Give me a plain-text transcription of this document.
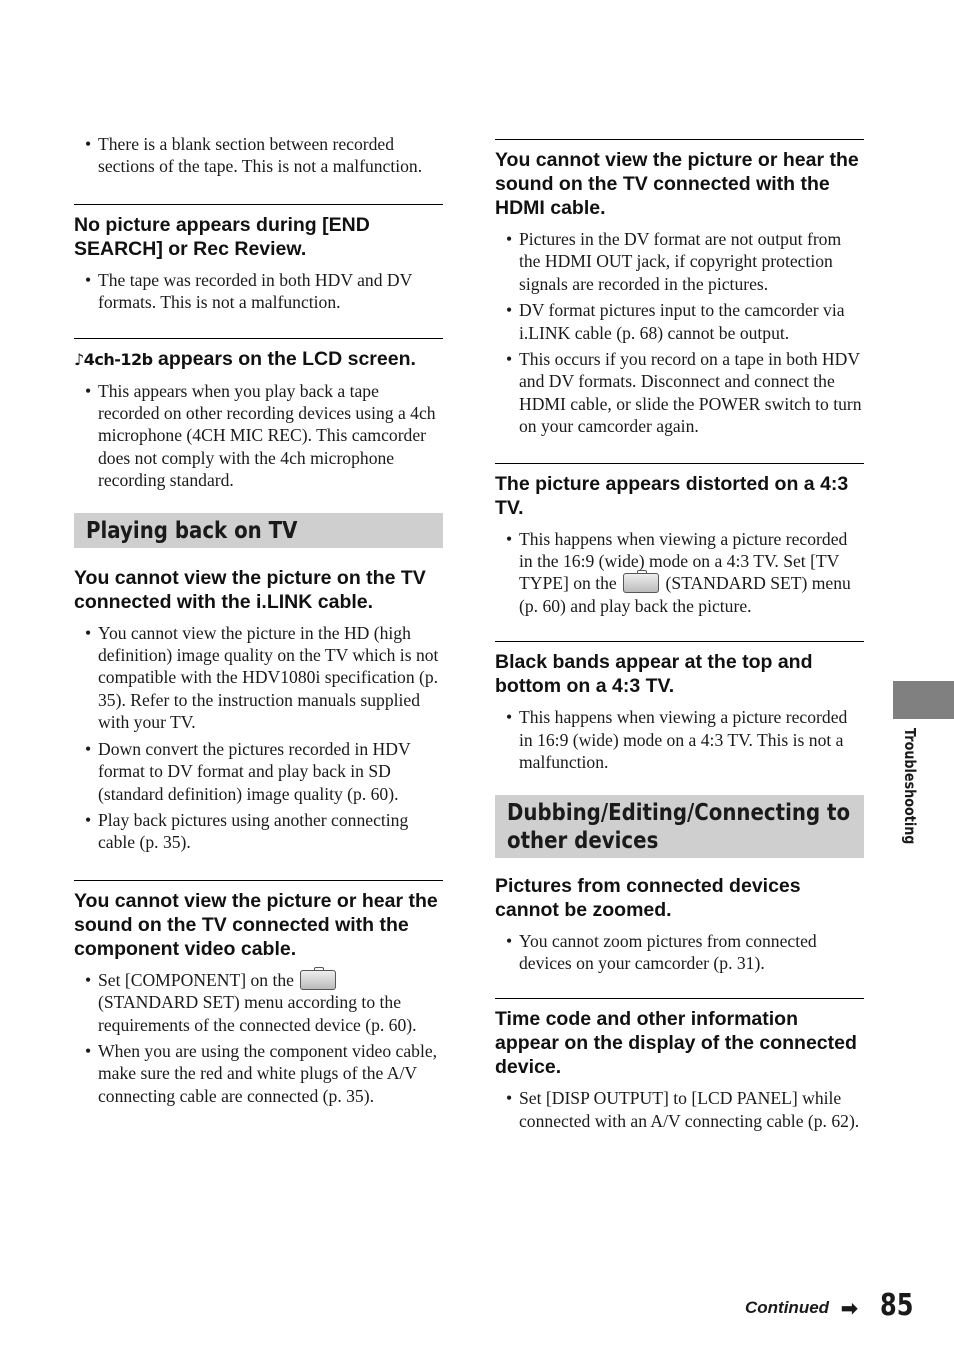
• There is a blank section between recorded sections of the tape. This is not a malfunction.
No picture appears during [END SEARCH] or Rec Review.
• The tape was recorded in both HDV and DV formats. This is not a malfunction.
♪4ch-12b appears on the LCD screen.
• This appears when you play back a tape recorded on other recording devices using a 4ch microphone (4CH MIC REC). This camcorder does not comply with the 4ch microphone recording standard.
Playing back on TV
You cannot view the picture on the TV connected with the i.LINK cable.
• You cannot view the picture in the HD (high definition) image quality on the TV which is not compatible with the HDV1080i specification (p. 35). Refer to the instruction manuals supplied with your TV.
• Down convert the pictures recorded in HDV format to DV format and play back in SD (standard definition) image quality (p. 60).
• Play back pictures using another connecting cable (p. 35).
You cannot view the picture or hear the sound on the TV connected with the component video cable.
• Set [COMPONENT] on the  (STANDARD SET) menu according to the requirements of the connected device (p. 60).
• When you are using the component video cable, make sure the red and white plugs of the A/V connecting cable are connected (p. 35).
You cannot view the picture or hear the sound on the TV connected with the HDMI cable.
• Pictures in the DV format are not output from the HDMI OUT jack, if copyright protection signals are recorded in the pictures.
• DV format pictures input to the camcorder via i.LINK cable (p. 68) cannot be output.
• This occurs if you record on a tape in both HDV and DV formats. Disconnect and connect the HDMI cable, or slide the POWER switch to turn on your camcorder again.
The picture appears distorted on a 4:3 TV.
• This happens when viewing a picture recorded in the 16:9 (wide) mode on a 4:3 TV. Set [TV TYPE] on the	(STANDARD SET) menu (p. 60) and play back the picture.
Black bands appear at the top and bottom on a 4:3 TV.
• This happens when viewing a picture recorded in 16:9 (wide) mode on a 4:3 TV. This is not a malfunction.
Dubbing/Editing/Connecting to other devices
Pictures from connected devices cannot be zoomed.
• You cannot zoom pictures from connected devices on your camcorder (p. 31).
Time code and other information appear on the display of the connected device.
• Set [DISP OUTPUT] to [LCD PANEL] while connected with an A/V connecting cable (p. 62).
Troubleshooting
Continued ➡ 85
